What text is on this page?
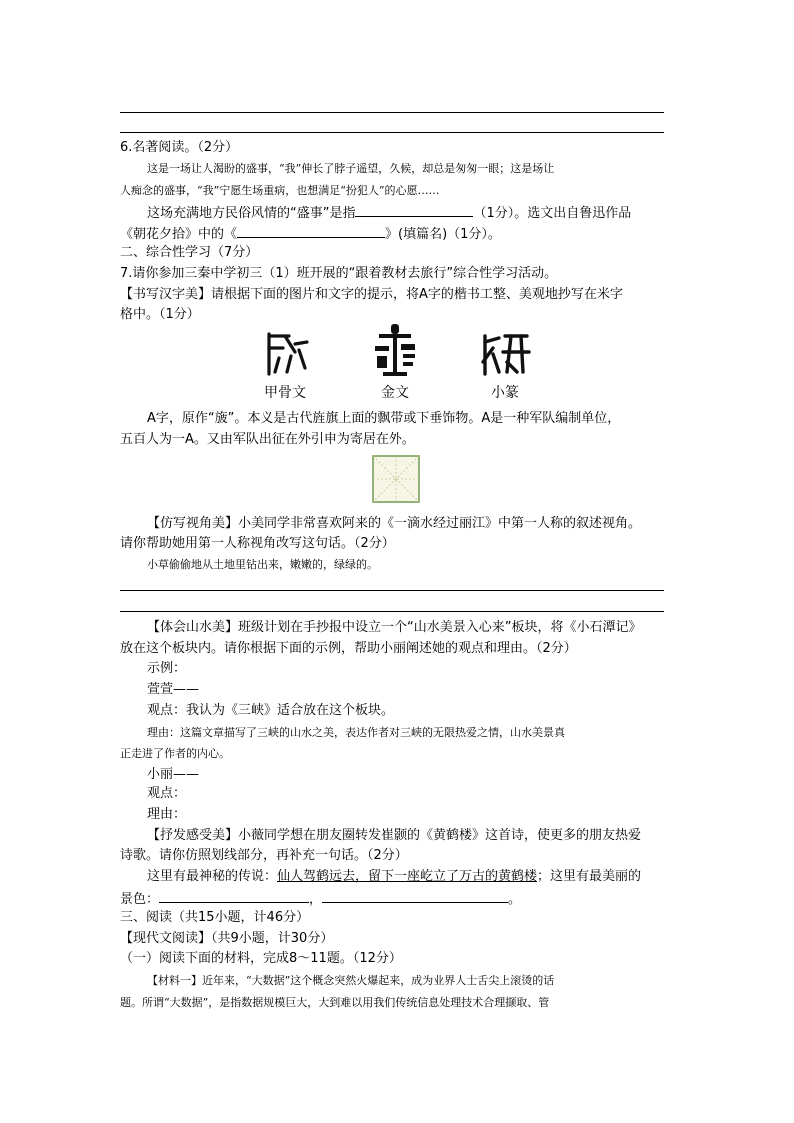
6.名著阅读。（2分）
这是一场让人渴盼的盛事，“我”伸长了脖子遥望，久候，却总是匆匆一眼；这是场让
人痴念的盛事，“我”宁愿生场重病，也想满足“扮犯人”的心愿……
这场充满地方民俗风情的“盛事”是指	（1分）。选文出自鲁迅作品
《朝花夕拾》中的《	》(填篇名)（1分）。
二、综合性学习（7分）
7.请你参加三秦中学初三（1）班开展的“跟着教材去旅行”综合性学习活动。
【书写汉字美】请根据下面的图片和文字的提示，将A字的楷书工整、美观地抄写在米字
格中。（1分）
甲骨文	金文	小篆
A字，原作“旇”。本义是古代旌旗上面的飘带或下垂饰物。A是一种军队编制单位，
五百人为一A。又由军队出征在外引申为寄居在外。
【仿写视角美】小美同学非常喜欢阿来的《一滴水经过丽江》中第一人称的叙述视角。
请你帮助她用第一人称视角改写这句话。（2分）
小草偷偷地从土地里钻出来，嫩嫩的，绿绿的。
【体会山水美】班级计划在手抄报中设立一个“山水美景入心来”板块，将《小石潭记》
放在这个板块内。请你根据下面的示例，帮助小丽阐述她的观点和理由。（2分）
示例：
萱萱——
观点：我认为《三峡》适合放在这个板块。
理由：这篇文章描写了三峡的山水之美，表达作者对三峡的无限热爱之情，山水美景真
正走进了作者的内心。
小丽——
观点：
理由：
【抒发感受美】小薇同学想在朋友圈转发崔颢的《黄鹤楼》这首诗，使更多的朋友热爱
诗歌。请你仿照划线部分，再补充一句话。（2分）
这里有最神秘的传说：仙人驾鹤远去，留下一座屹立了万古的黄鹤楼；这里有最美丽的
景色：	，	。
三、阅读（共15小题，计46分）
【现代文阅读】（共9小题，计30分）
（一）阅读下面的材料，完成8～11题。（12分）
【材料一】近年来，“大数据”这个概念突然火爆起来，成为业界人士舌尖上滚烫的话
题。所谓“大数据”，是指数据规模巨大，大到难以用我们传统信息处理技术合理撷取、管
